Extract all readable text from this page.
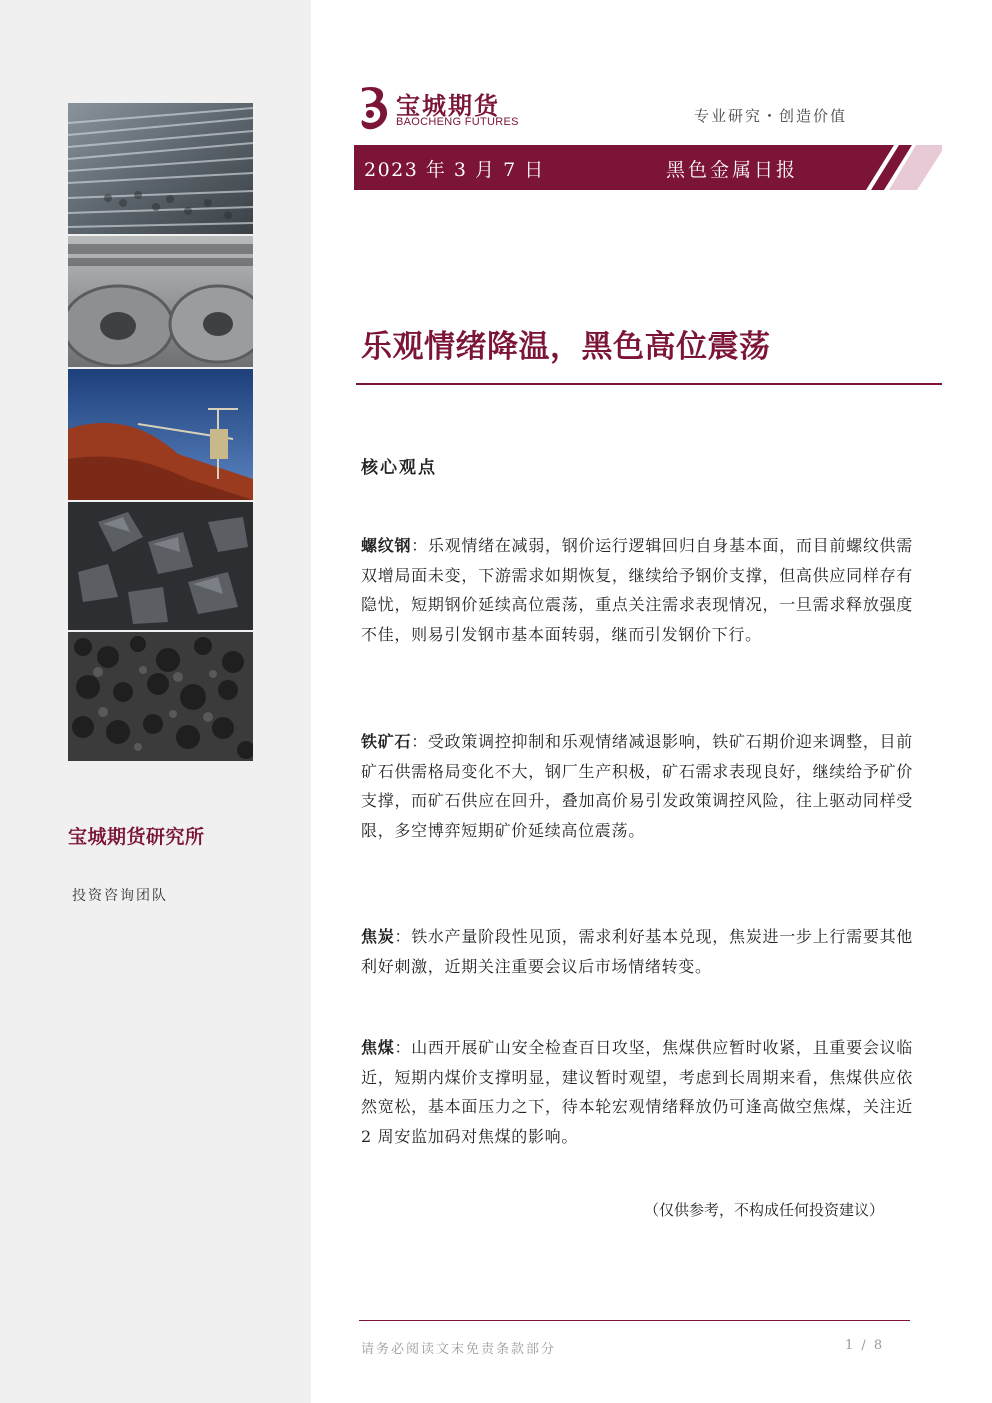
宝城期货研究所
投资咨询团队
宝城期货
BAOCHENG FUTURES	专业研究・创造价值
2023 年 3 月 7 日	黑色金属日报
乐观情绪降温，黑色高位震荡
核心观点
螺纹钢：乐观情绪在减弱，钢价运行逻辑回归自身基本面，而目前螺纹供需双增局面未变，下游需求如期恢复，继续给予钢价支撑，但高供应同样存有隐忧，短期钢价延续高位震荡，重点关注需求表现情况，一旦需求释放强度不佳，则易引发钢市基本面转弱，继而引发钢价下行。
铁矿石：受政策调控抑制和乐观情绪减退影响，铁矿石期价迎来调整，目前矿石供需格局变化不大，钢厂生产积极，矿石需求表现良好，继续给予矿价支撑，而矿石供应在回升，叠加高价易引发政策调控风险，往上驱动同样受限，多空博弈短期矿价延续高位震荡。
焦炭：铁水产量阶段性见顶，需求利好基本兑现，焦炭进一步上行需要其他利好刺激，近期关注重要会议后市场情绪转变。
焦煤：山西开展矿山安全检查百日攻坚，焦煤供应暂时收紧，且重要会议临近，短期内煤价支撑明显，建议暂时观望，考虑到长周期来看，焦煤供应依然宽松，基本面压力之下，待本轮宏观情绪释放仍可逢高做空焦煤，关注近 2 周安监加码对焦煤的影响。
（仅供参考，不构成任何投资建议）
请务必阅读文末免责条款部分	1 / 8
